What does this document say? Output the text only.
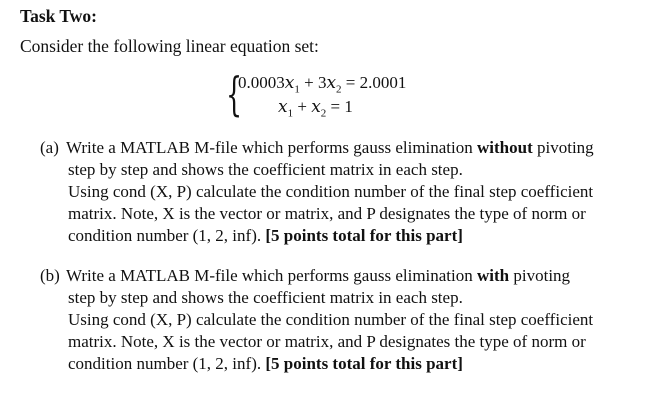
Task Two:
Consider the following linear equation set:
{
$0.0003x_1 + 3x_2 = 2.0001$
$x_1 + x_2 = 1$
(a) Write a MATLAB M-file which performs gauss elimination without pivoting
step by step and shows the coefficient matrix in each step.
Using cond (X, P) calculate the condition number of the final step coefficient
matrix. Note, X is the vector or matrix, and P designates the type of norm or
condition number (1, 2, inf). [5 points total for this part]
(b) Write a MATLAB M-file which performs gauss elimination with pivoting
step by step and shows the coefficient matrix in each step.
Using cond (X, P) calculate the condition number of the final step coefficient
matrix. Note, X is the vector or matrix, and P designates the type of norm or
condition number (1, 2, inf). [5 points total for this part]
